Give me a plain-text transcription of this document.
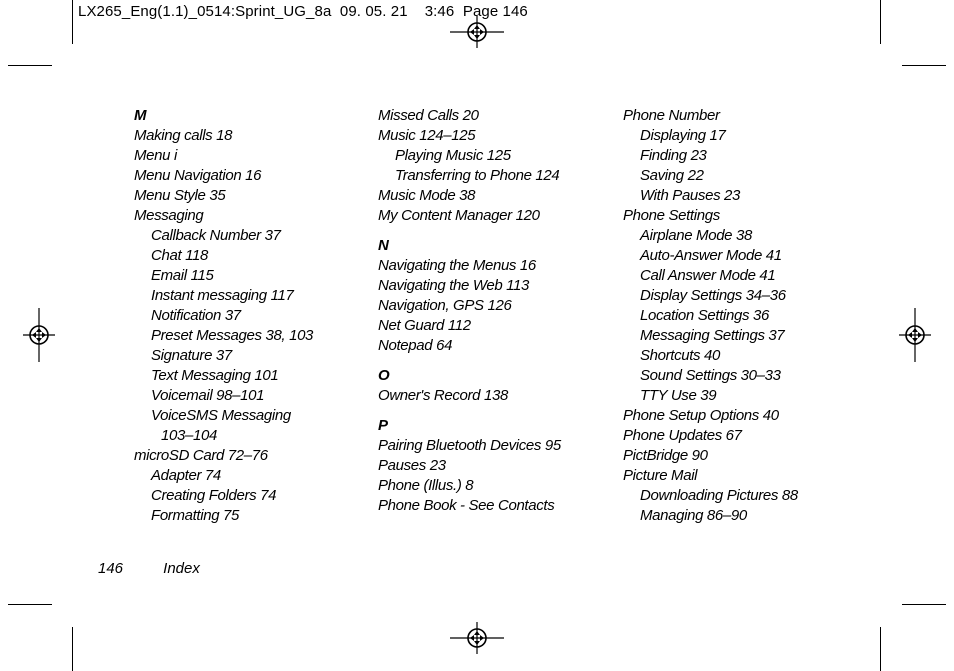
LX265_Eng(1.1)_0514:Sprint_UG_8a  09. 05. 21    3:46  Page 146
M
Making calls 18
Menu i
Menu Navigation 16
Menu Style 35
Messaging
Callback Number 37
Chat 118
Email 115
Instant messaging 117
Notification 37
Preset Messages 38, 103
Signature 37
Text Messaging 101
Voicemail 98–101
VoiceSMS Messaging
103–104
microSD Card 72–76
Adapter 74
Creating Folders 74
Formatting 75
Missed Calls 20
Music 124–125
Playing Music 125
Transferring to Phone 124
Music Mode 38
My Content Manager 120
N
Navigating the Menus 16
Navigating the Web 113
Navigation, GPS 126
Net Guard 112
Notepad 64
O
Owner's Record 138
P
Pairing Bluetooth Devices 95
Pauses 23
Phone (Illus.) 8
Phone Book - See Contacts
Phone Number
Displaying 17
Finding 23
Saving 22
With Pauses 23
Phone Settings
Airplane Mode 38
Auto-Answer Mode 41
Call Answer Mode 41
Display Settings 34–36
Location Settings 36
Messaging Settings 37
Shortcuts 40
Sound Settings 30–33
TTY Use 39
Phone Setup Options 40
Phone Updates 67
PictBridge 90
Picture Mail
Downloading Pictures 88
Managing 86–90
146	Index
